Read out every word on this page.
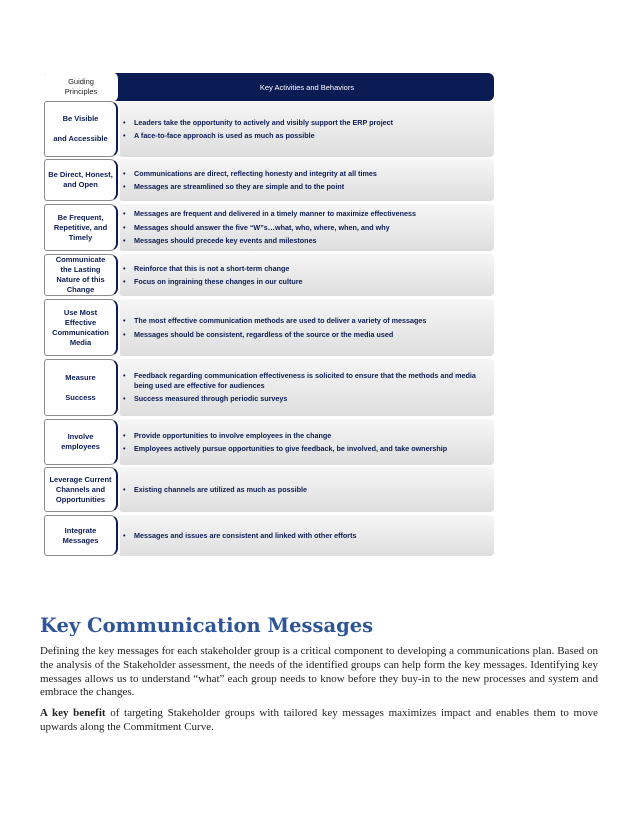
Guiding
Principles	Key Activities and Behaviors
Be Visible
and Accessible
•	Leaders take the opportunity to actively and visibly support the ERP project
•	A face-to-face approach is used as much as possible
Be Direct, Honest,
and Open
•	Communications are direct, reflecting honesty and integrity at all times
•	Messages are streamlined so they are simple and to the point
Be Frequent,
Repetitive, and
Timely
•	Messages are frequent and delivered in a timely manner to maximize effectiveness
•	Messages should answer the five “W”s…what, who, where, when, and why
•	Messages should precede key events and milestones
Communicate
the Lasting
Nature of this
Change
•	Reinforce that this is not a short-term change
•	Focus on ingraining these changes in our culture
Use Most
Effective
Communication
Media
•	The most effective communication methods are used to deliver a variety of messages
•	Messages should be consistent, regardless of the source or the media used
Measure
Success
•	Feedback regarding communication effectiveness is solicited to ensure that the methods and media being used are effective for audiences
•	Success measured through periodic surveys
Involve
employees
•	Provide opportunities to involve employees in the change
•	Employees actively pursue opportunities to give feedback, be involved, and take ownership
Leverage Current
Channels and
Opportunities
•	Existing channels are utilized as much as possible
Integrate
Messages
•	Messages and issues are consistent and linked with other efforts
Key Communication Messages
Defining the key messages for each stakeholder group is a critical component to developing a communications plan. Based on the analysis of the Stakeholder assessment, the needs of the identified groups can help form the key messages. Identifying key messages allows us to understand “what” each group needs to know before they buy-in to the new processes and system and embrace the changes.
A key benefit of targeting Stakeholder groups with tailored key messages maximizes impact and enables them to move upwards along the Commitment Curve.
